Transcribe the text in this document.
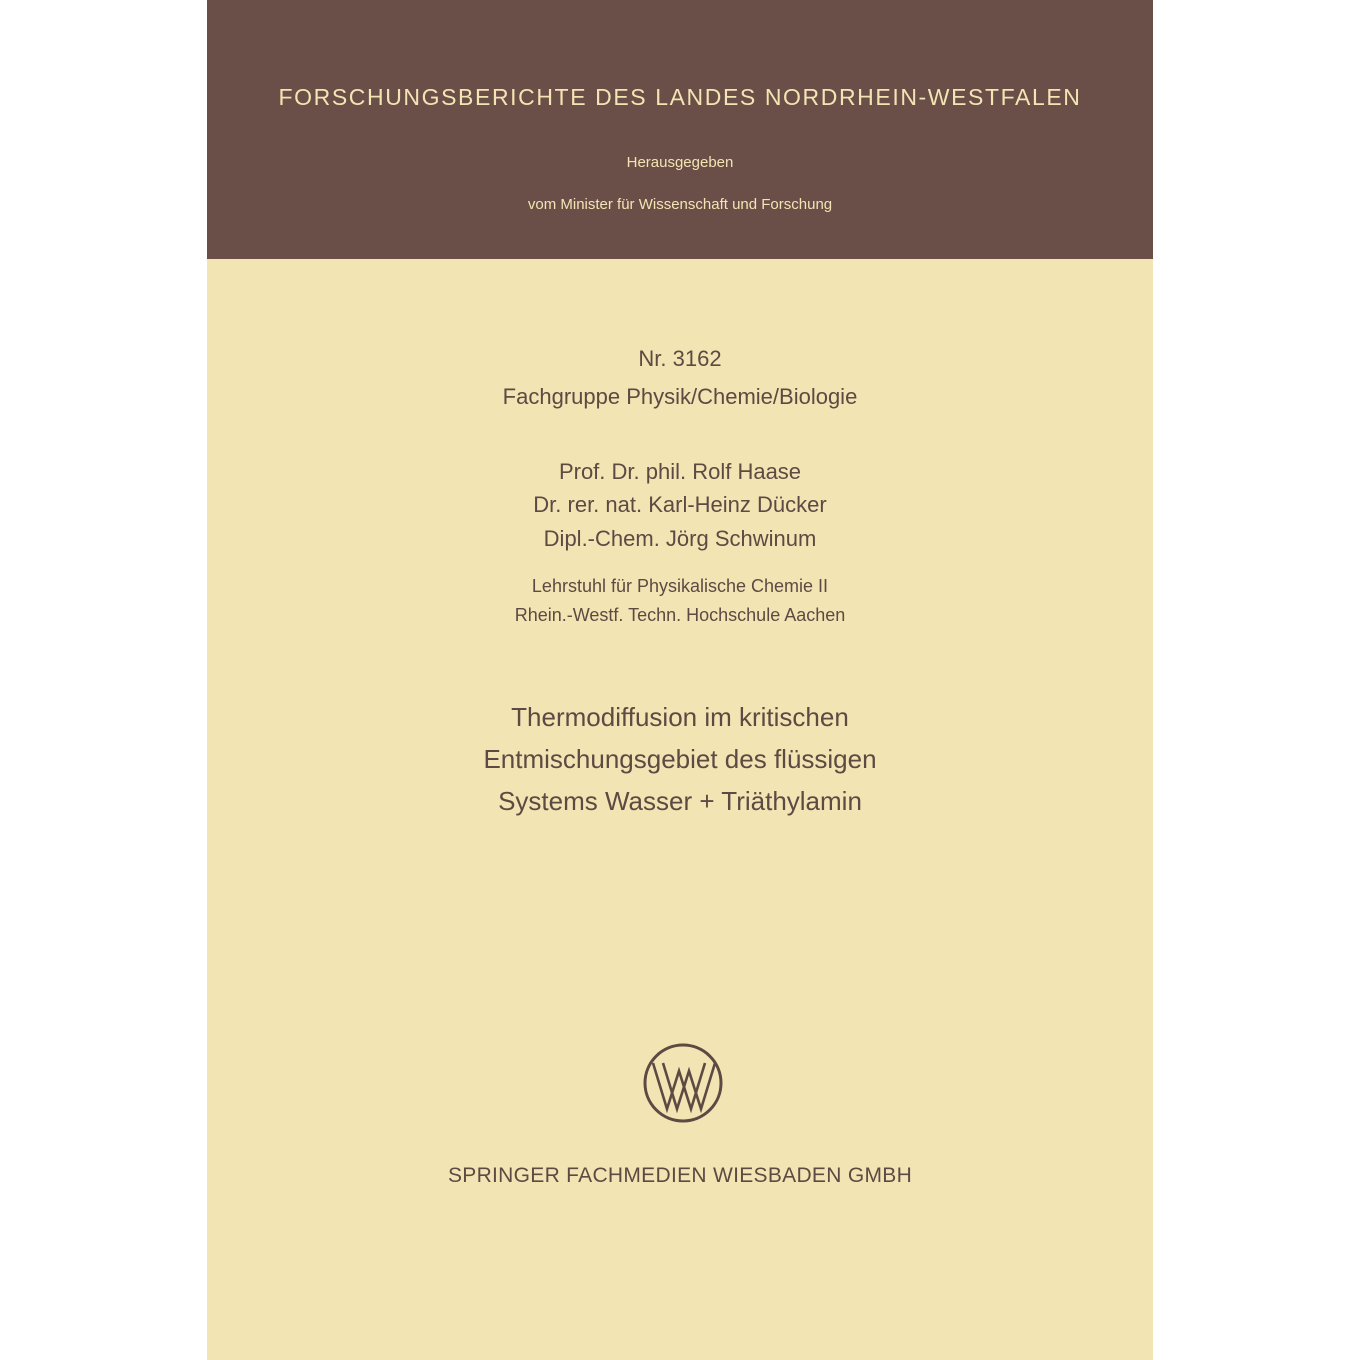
FORSCHUNGSBERICHTE DES LANDES NORDRHEIN-WESTFALEN
Herausgegeben
vom Minister für Wissenschaft und Forschung
Nr. 3162
Fachgruppe Physik/Chemie/Biologie
Prof. Dr. phil. Rolf Haase
Dr. rer. nat. Karl-Heinz Dücker
Dipl.-Chem. Jörg Schwinum
Lehrstuhl für Physikalische Chemie II
Rhein.-Westf. Techn. Hochschule Aachen
Thermodiffusion im kritischen
Entmischungsgebiet des flüssigen
Systems Wasser + Triäthylamin
SPRINGER FACHMEDIEN WIESBADEN GMBH
